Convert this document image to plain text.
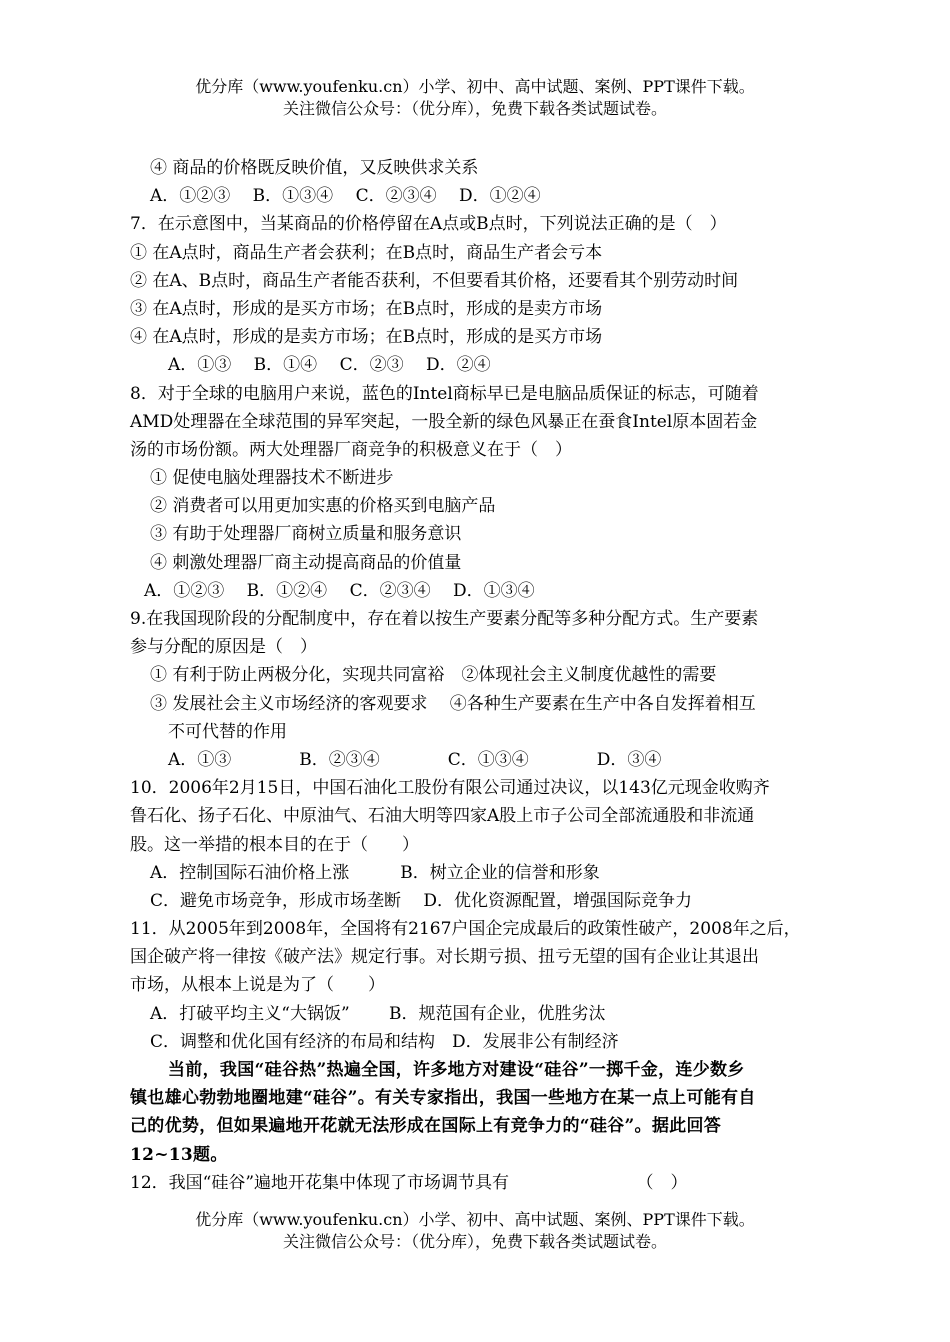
优分库（www.youfenku.cn）小学、初中、高中试题、案例、PPT课件下载。
关注微信公众号：（优分库），免费下载各类试题试卷。
④ 商品的价格既反映价值，又反映供求关系
A．①②③　 B．①③④　 C．②③④　 D．①②④
7．在示意图中，当某商品的价格停留在A点或B点时，下列说法正确的是（　）
① 在A点时，商品生产者会获利；在B点时，商品生产者会亏本
② 在A、B点时，商品生产者能否获利，不但要看其价格，还要看其个别劳动时间
③ 在A点时，形成的是买方市场；在B点时，形成的是卖方市场
④ 在A点时，形成的是卖方市场；在B点时，形成的是买方市场
A．①③　 B．①④　 C．②③　 D．②④
8．对于全球的电脑用户来说，蓝色的Intel商标早已是电脑品质保证的标志，可随着
AMD处理器在全球范围的异军突起，一股全新的绿色风暴正在蚕食Intel原本固若金
汤的市场份额。两大处理器厂商竞争的积极意义在于（　）
① 促使电脑处理器技术不断进步
② 消费者可以用更加实惠的价格买到电脑产品
③ 有助于处理器厂商树立质量和服务意识
④ 刺激处理器厂商主动提高商品的价值量
A．①②③　 B．①②④　 C．②③④　 D．①③④
9.在我国现阶段的分配制度中，存在着以按生产要素分配等多种分配方式。生产要素
参与分配的原因是（　）
① 有利于防止两极分化，实现共同富裕　②体现社会主义制度优越性的需要
③ 发展社会主义市场经济的客观要求　 ④各种生产要素在生产中各自发挥着相互
不可代替的作用
A．①③　　　　B．②③④　　　　C．①③④　　　　D．③④
10．2006年2月15日，中国石油化工股份有限公司通过决议，以143亿元现金收购齐
鲁石化、扬子石化、中原油气、石油大明等四家A股上市子公司全部流通股和非流通
股。这一举措的根本目的在于（　　）
A．控制国际石油价格上涨　　　B．树立企业的信誉和形象
C．避免市场竞争，形成市场垄断　 D．优化资源配置，增强国际竞争力
11．从2005年到2008年，全国将有2167户国企完成最后的政策性破产，2008年之后，
国企破产将一律按《破产法》规定行事。对长期亏损、扭亏无望的国有企业让其退出
市场，从根本上说是为了（　　）
A．打破平均主义“大锅饭”　　 B．规范国有企业，优胜劣汰
C．调整和优化国有经济的布局和结构　D．发展非公有制经济
当前，我国“硅谷热”热遍全国，许多地方对建设“硅谷”一掷千金，连少数乡
镇也雄心勃勃地圈地建“硅谷”。有关专家指出，我国一些地方在某一点上可能有自
己的优势，但如果遍地开花就无法形成在国际上有竞争力的“硅谷”。据此回答
12~13题。
12．我国“硅谷”遍地开花集中体现了市场调节具有　　　　　　　　（　）
优分库（www.youfenku.cn）小学、初中、高中试题、案例、PPT课件下载。
关注微信公众号：（优分库），免费下载各类试题试卷。
